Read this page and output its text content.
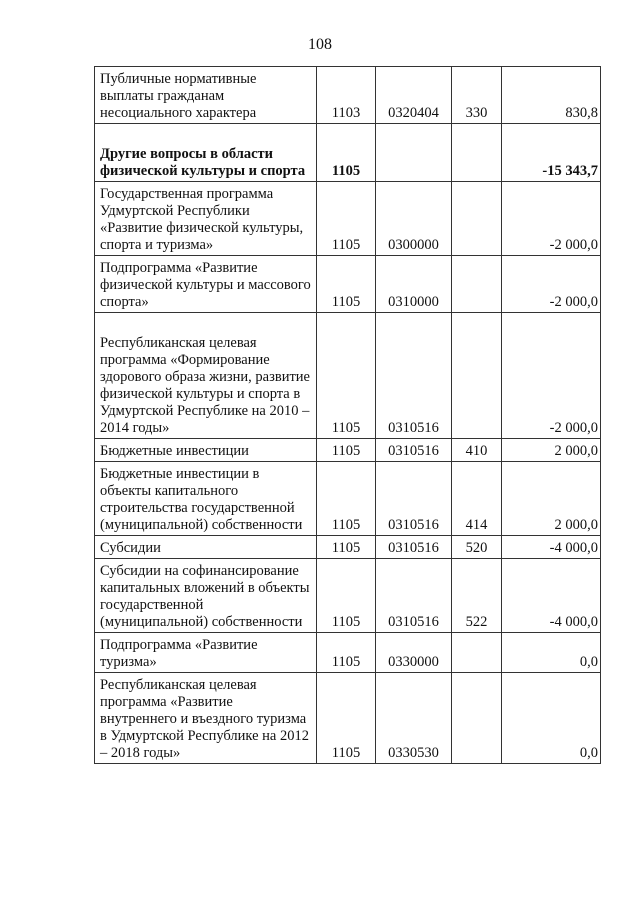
108
Публичные нормативные выплаты гражданам несоциального характера	1103	0320404	330	830,8
Другие вопросы в области физической культуры и спорта	1105			-15 343,7
Государственная программа Удмуртской Республики «Развитие физической культуры, спорта и туризма»	1105	0300000		-2 000,0
Подпрограмма «Развитие физической культуры и массового спорта»	1105	0310000		-2 000,0
Республиканская целевая программа «Формирование здорового образа жизни, развитие физической культуры и спорта в Удмуртской Республике на 2010 – 2014 годы»	1105	0310516		-2 000,0
Бюджетные инвестиции	1105	0310516	410	2 000,0
Бюджетные инвестиции в объекты капитального строительства государственной (муниципальной) собственности	1105	0310516	414	2 000,0
Субсидии	1105	0310516	520	-4 000,0
Субсидии на софинансирование капитальных вложений в объекты государственной (муниципальной) собственности	1105	0310516	522	-4 000,0
Подпрограмма «Развитие туризма»	1105	0330000		0,0
Республиканская целевая программа «Развитие внутреннего и въездного туризма в Удмуртской Республике на 2012 – 2018 годы»	1105	0330530		0,0
